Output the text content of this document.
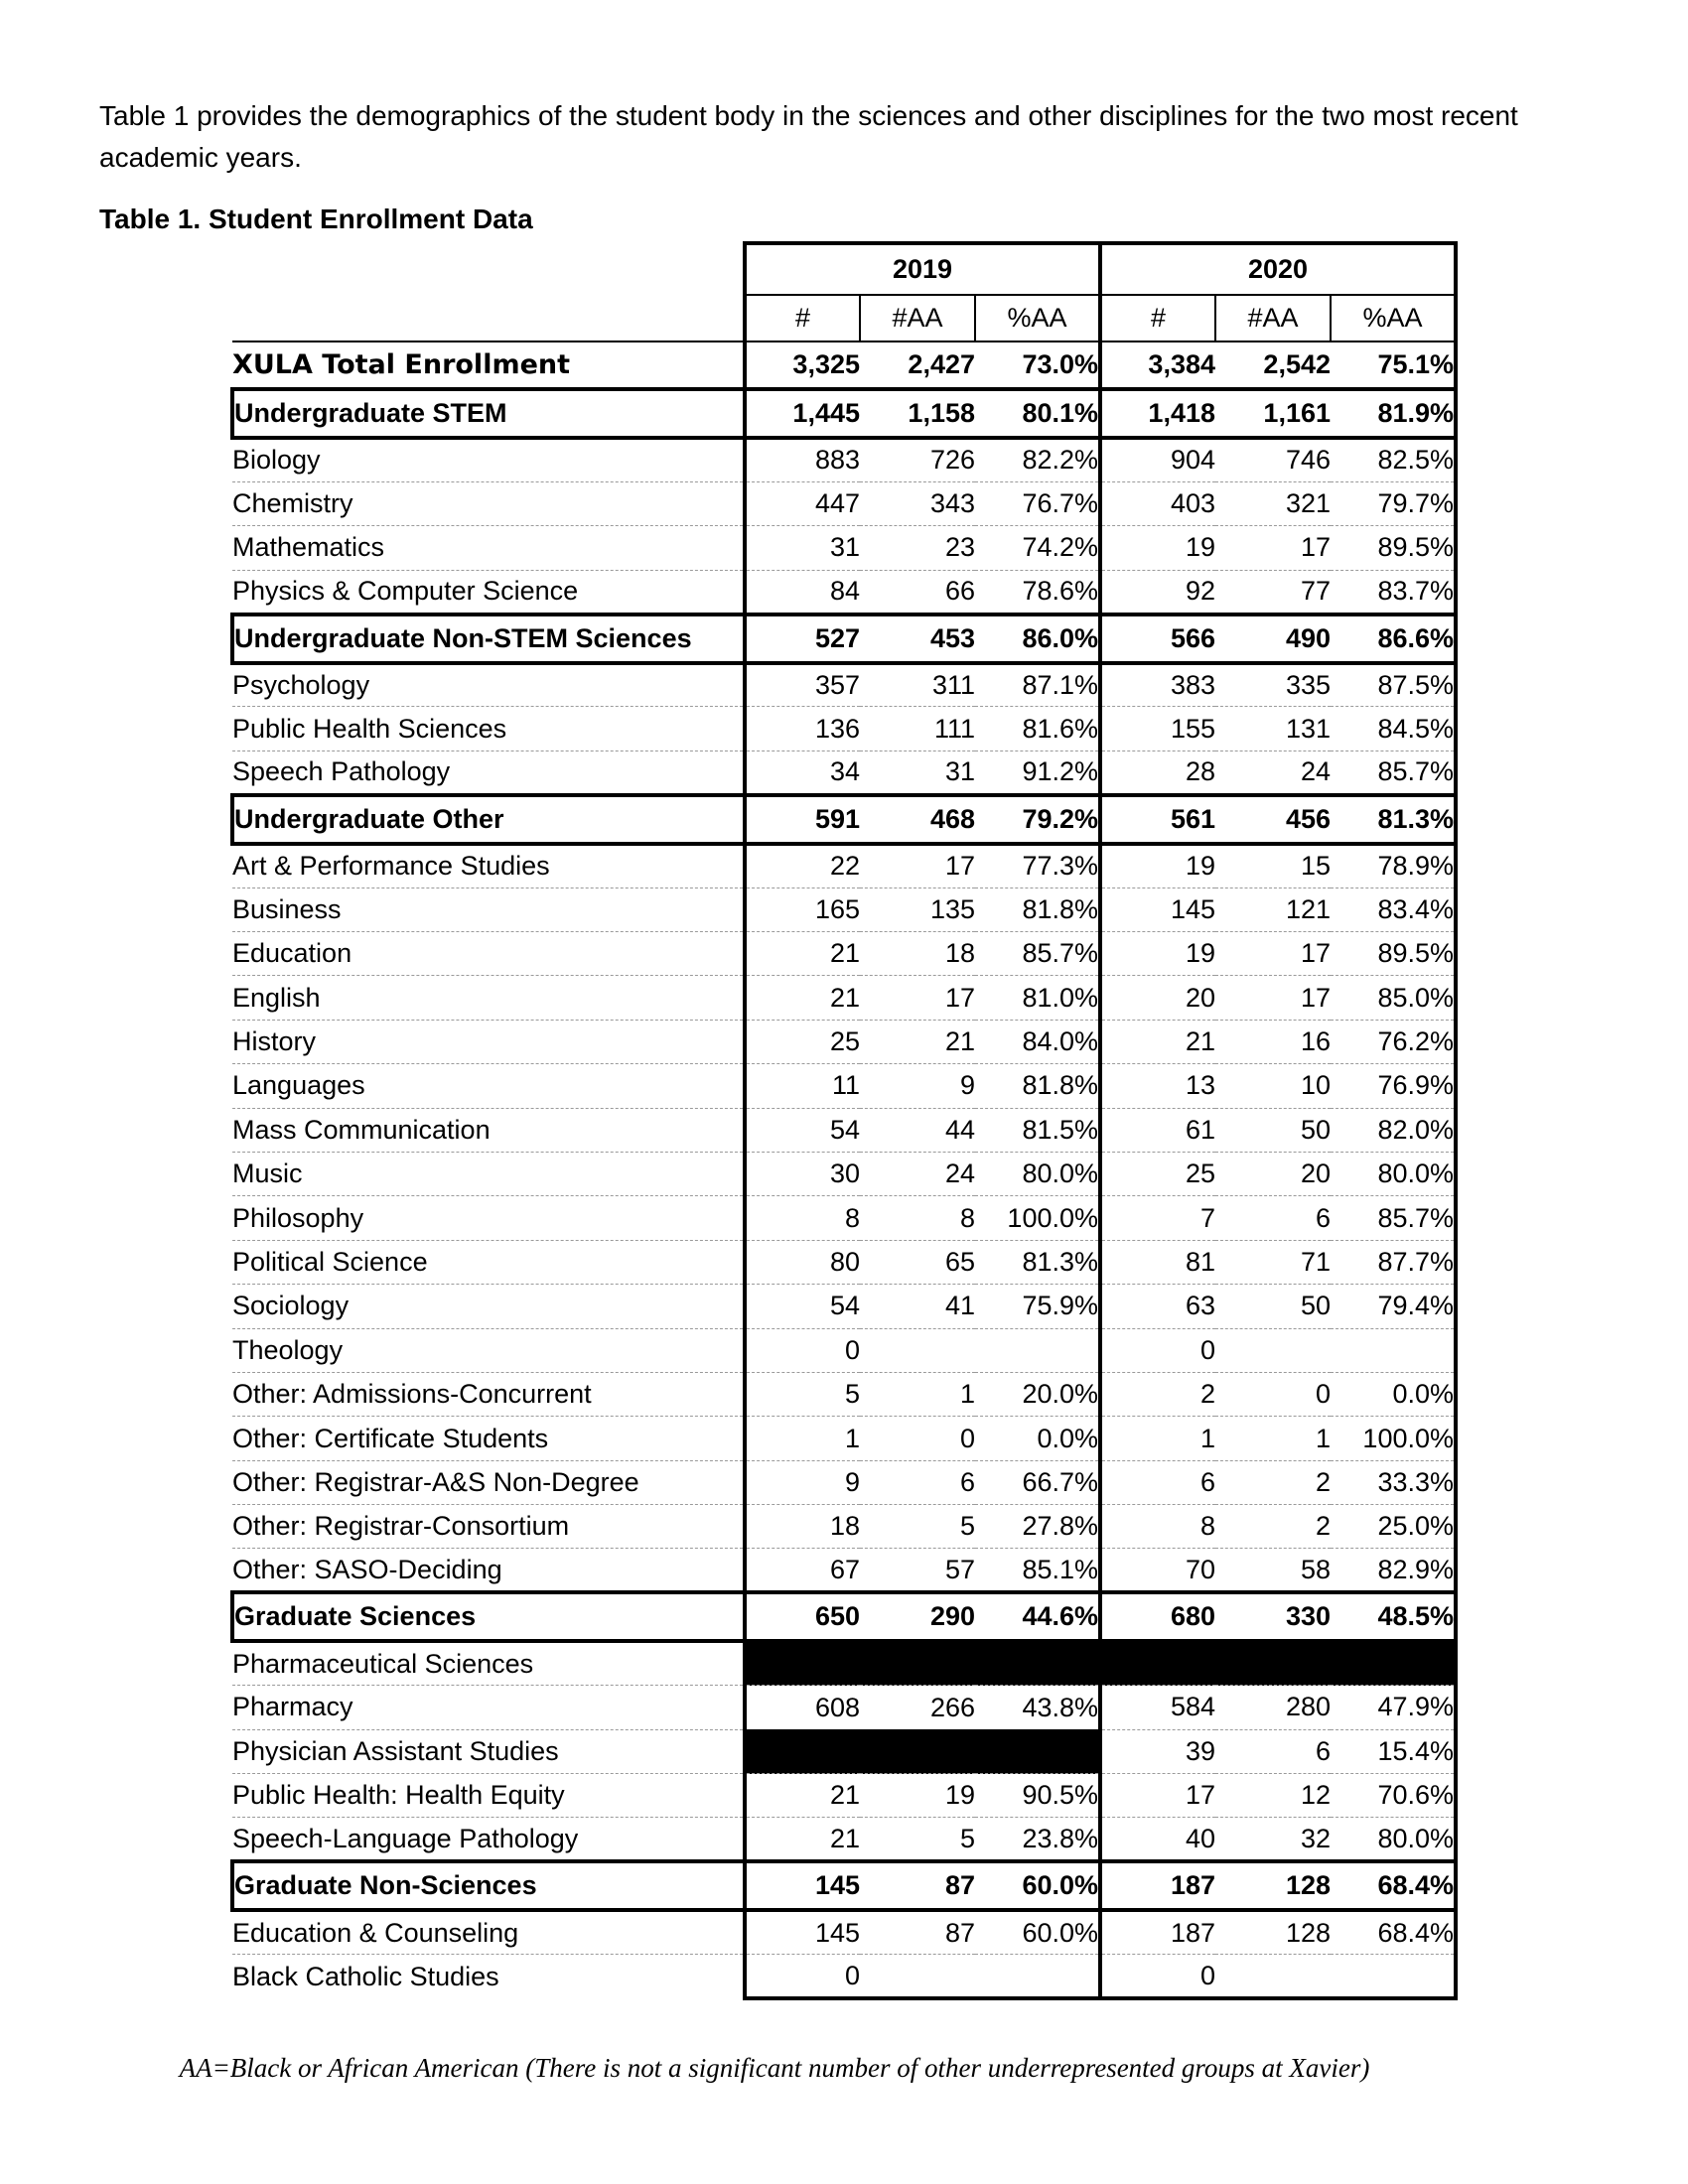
Table 1 provides the demographics of the student body in the sciences and other disciplines for the two most recent academic years.
Table 1. Student Enrollment Data
	2019			2020		
	#	#AA	%AA	#	#AA	%AA
XULA Total Enrollment	3,325	2,427	73.0%	3,384	2,542	75.1%
Undergraduate STEM	1,445	1,158	80.1%	1,418	1,161	81.9%
Biology	883	726	82.2%	904	746	82.5%
Chemistry	447	343	76.7%	403	321	79.7%
Mathematics	31	23	74.2%	19	17	89.5%
Physics & Computer Science	84	66	78.6%	92	77	83.7%
Undergraduate Non-STEM Sciences	527	453	86.0%	566	490	86.6%
Psychology	357	311	87.1%	383	335	87.5%
Public Health Sciences	136	111	81.6%	155	131	84.5%
Speech Pathology	34	31	91.2%	28	24	85.7%
Undergraduate Other	591	468	79.2%	561	456	81.3%
Art & Performance Studies	22	17	77.3%	19	15	78.9%
Business	165	135	81.8%	145	121	83.4%
Education	21	18	85.7%	19	17	89.5%
English	21	17	81.0%	20	17	85.0%
History	25	21	84.0%	21	16	76.2%
Languages	11	9	81.8%	13	10	76.9%
Mass Communication	54	44	81.5%	61	50	82.0%
Music	30	24	80.0%	25	20	80.0%
Philosophy	8	8	100.0%	7	6	85.7%
Political Science	80	65	81.3%	81	71	87.7%
Sociology	54	41	75.9%	63	50	79.4%
Theology	0			0		
Other: Admissions-Concurrent	5	1	20.0%	2	0	0.0%
Other: Certificate Students	1	0	0.0%	1	1	100.0%
Other: Registrar-A&S Non-Degree	9	6	66.7%	6	2	33.3%
Other: Registrar-Consortium	18	5	27.8%	8	2	25.0%
Other: SASO-Deciding	67	57	85.1%	70	58	82.9%
Graduate Sciences	650	290	44.6%	680	330	48.5%
Pharmaceutical Sciences						
Pharmacy	608	266	43.8%	584	280	47.9%
Physician Assistant Studies				39	6	15.4%
Public Health: Health Equity	21	19	90.5%	17	12	70.6%
Speech-Language Pathology	21	5	23.8%	40	32	80.0%
Graduate Non-Sciences	145	87	60.0%	187	128	68.4%
Education & Counseling	145	87	60.0%	187	128	68.4%
Black Catholic Studies	0			0		
AA=Black or African American (There is not a significant number of other underrepresented groups at Xavier)
